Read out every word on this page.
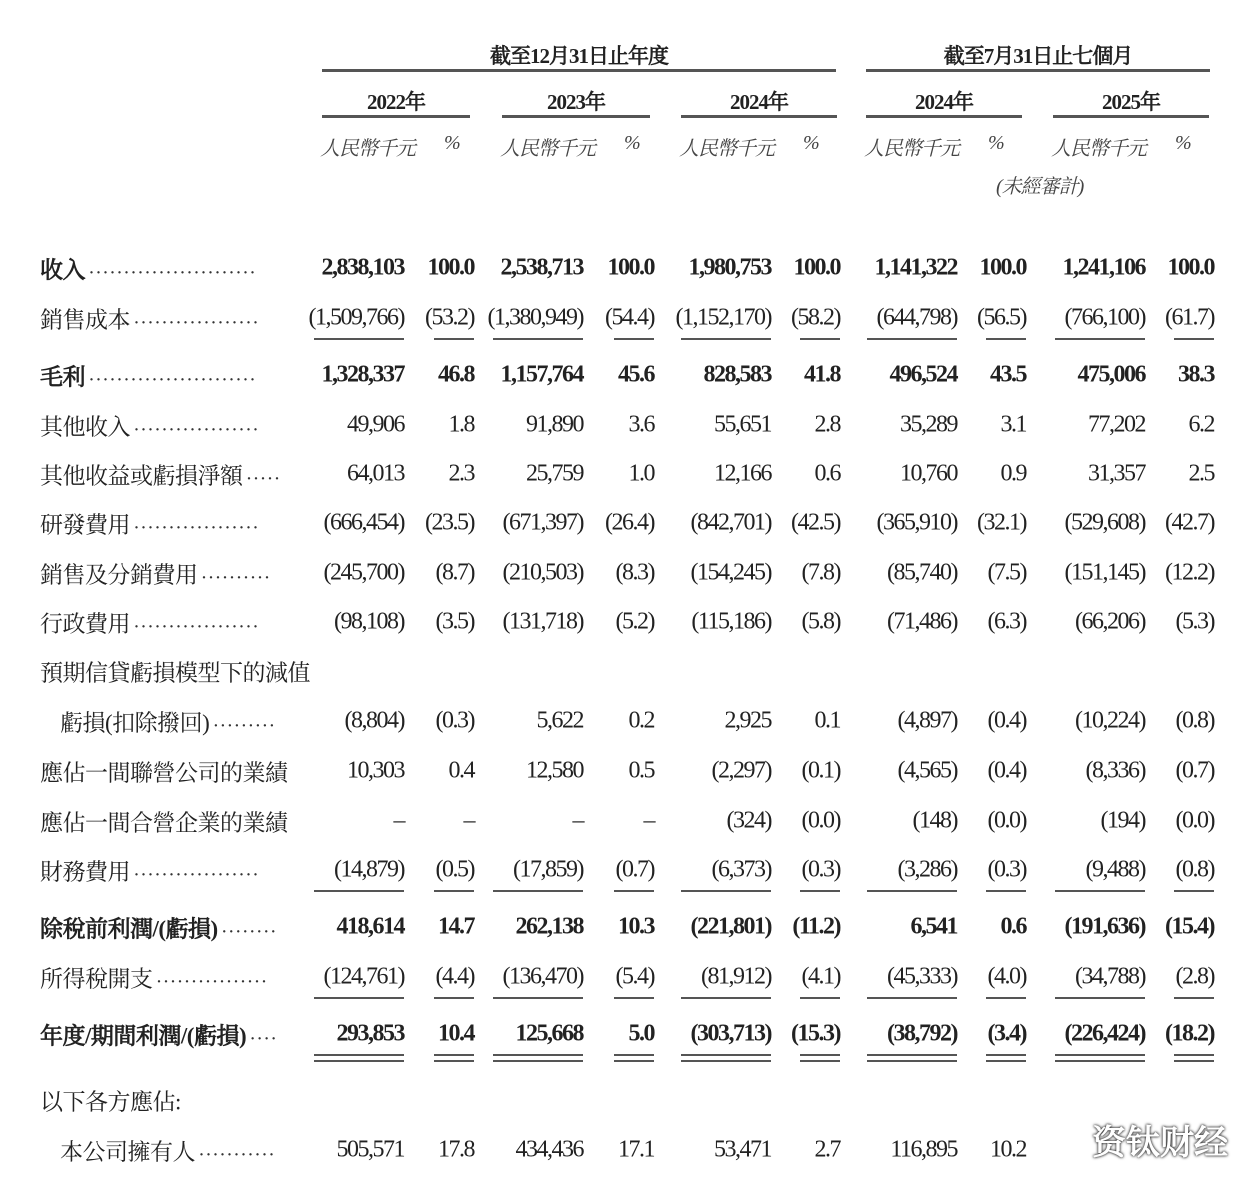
截至12月31日止年度	截至7月31日止七個月
2022年
人民幣千元 %
2023年
人民幣千元 %
2024年
人民幣千元 %
2024年
人民幣千元 %
2025年
人民幣千元 %
(未經審計)
收入 ........................	2,838,103 100.0	2,538,713	100.0	1,980,753 100.0	1,141,322 100.0	1,241,106 100.0
銷售成本 ..................	(1,509,766) (53.2) (1,380,949) (54.4) (1,152,170) (58.2)	(644,798) (56.5)	(766,100) (61.7)
毛利 ........................	1,328,337	46.8	1,157,764	45.6	828,583	41.8	496,524	43.5	475,006	38.3
其他收入 ..................	49,906	1.8	91,890	3.6	55,651	2.8	35,289	3.1	77,202	6.2
其他收益或虧損淨額 .....	64,013	2.3	25,759	1.0	12,166	0.6	10,760	0.9	31,357	2.5
研發費用 ..................	(666,454) (23.5)	(671,397) (26.4)	(842,701) (42.5)	(365,910) (32.1)	(529,608) (42.7)
銷售及分銷費用 ..........	(245,700)	(8.7)	(210,503)	(8.3)	(154,245)	(7.8)	(85,740)	(7.5)	(151,145) (12.2)
行政費用 ..................	(98,108)	(3.5)	(131,718)	(5.2)	(115,186)	(5.8)	(71,486)	(6.3)	(66,206)	(5.3)
預期信貸虧損模型下的減值
虧損(扣除撥回) .........	(8,804)	(0.3)	5,622	0.2	2,925	0.1	(4,897)	(0.4)	(10,224)	(0.8)
應佔一間聯營公司的業績	10,303	0.4	12,580	0.5	(2,297)	(0.1)	(4,565)	(0.4)	(8,336)	(0.7)
應佔一間合營企業的業績	–	–	–	–	(324)	(0.0)	(148)	(0.0)	(194)	(0.0)
財務費用 ..................	(14,879)	(0.5)	(17,859)	(0.7)	(6,373)	(0.3)	(3,286)	(0.3)	(9,488)	(0.8)
除稅前利潤/(虧損) ........	418,614	14.7	262,138	10.3	(221,801) (11.2)	6,541	0.6	(191,636) (15.4)
所得稅開支 ................	(124,761)	(4.4)	(136,470)	(5.4)	(81,912)	(4.1)	(45,333)	(4.0)	(34,788)	(2.8)
年度/期間利潤/(虧損) ....	293,853	10.4	125,668	5.0	(303,713) (15.3)	(38,792)	(3.4)	(226,424) (18.2)
以下各方應佔:
本公司擁有人 ...........	505,571	17.8	434,436	17.1	53,471	2.7	116,895	10.2 资钛财经
